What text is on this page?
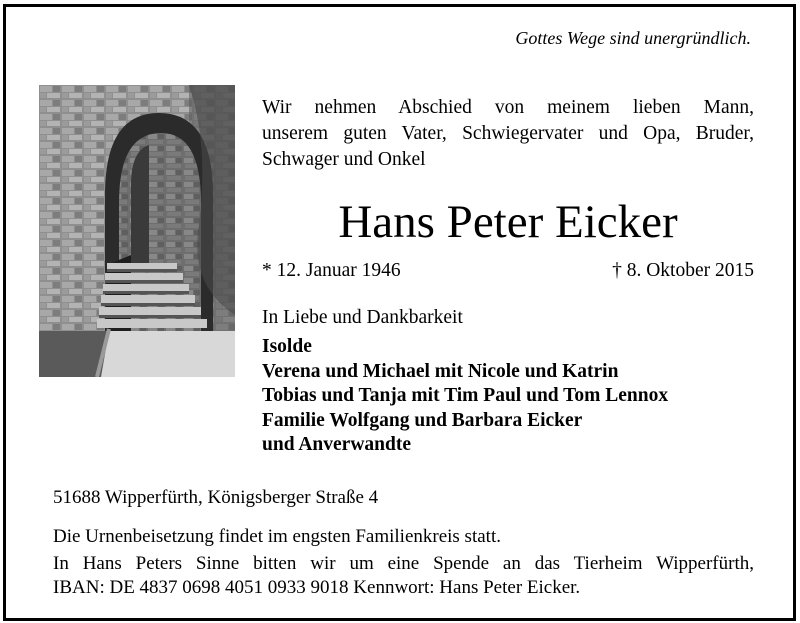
Gottes Wege sind unergründlich.
Wir nehmen Abschied von meinem lieben Mann,
unserem guten Vater, Schwiegervater und Opa, Bruder,
Schwager und Onkel
Hans Peter Eicker
* 12. Januar 1946	† 8. Oktober 2015
In Liebe und Dankbarkeit
Isolde
Verena und Michael mit Nicole und Katrin
Tobias und Tanja mit Tim Paul und Tom Lennox
Familie Wolfgang und Barbara Eicker
und Anverwandte
51688 Wipperfürth, Königsberger Straße 4
Die Urnenbeisetzung findet im engsten Familienkreis statt.
In Hans Peters Sinne bitten wir um eine Spende an das Tierheim Wipperfürth,
IBAN: DE 4837 0698 4051 0933 9018 Kennwort: Hans Peter Eicker.
